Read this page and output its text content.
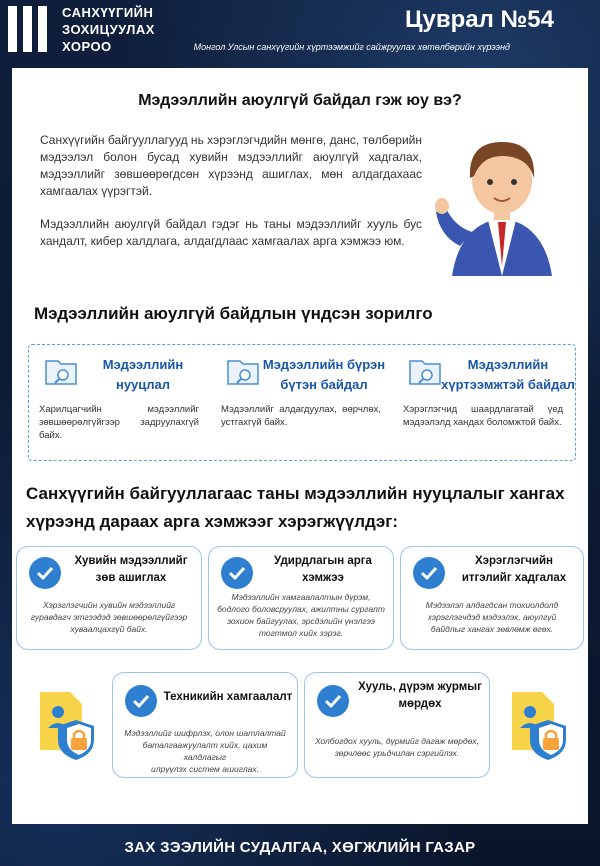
САНХҮҮГИЙН
ЗОХИЦУУЛАХ
ХОРОО
Цуврал №54
Монгол Улсын санхүүгийн хүртээмжийг сайжруулах хөтөлбөрийн хүрээнд
Мэдээллийн аюулгүй байдал гэж юу вэ?
Санхүүгийн байгууллагууд нь хэрэглэгчдийн мөнгө, данс, төлбөрийн мэдээлэл болон бусад хувийн мэдээллийг аюулгүй хадгалах, мэдээллийг зөвшөөрөгдсөн хүрээнд ашиглах, мөн алдагдахаас хамгаалах үүрэгтэй.
Мэдээллийн аюулгүй байдал гэдэг нь таны мэдээллийг хууль бус хандалт, кибер халдлага, алдагдлаас хамгаалах арга хэмжээ юм.
Мэдээллийн аюулгүй байдлын үндсэн зорилго
Мэдээллийн
нууцлал
Харилцагчийн мэдээллийг зөвшөөрөлгүйгээр задруулахгүй байх.
Мэдээллийн бүрэн
бүтэн байдал
Мэдээллийг алдагдуулах, өөрчлөх, устгахгүй байх.
Мэдээллийн
хүртээмжтэй байдал
Хэрэглэгчид шаардлагатай үед мэдээлэлд хандах боломжтой байх.
Санхүүгийн байгууллагаас таны мэдээллийн нууцлалыг хангах
хүрээнд дараах арга хэмжээг хэрэгжүүлдэг:
Хувийн мэдээллийг
зөв ашиглах
Хэрэглэгчийн хувийн мэдээллийг
гуравдагч этгээдэд зөвшөөрөлгүйгээр
хуваалцахгүй байх.
Удирдлагын арга
хэмжээ
Мэдээллийн хамгаалалтын дүрэм,
бодлого боловсруулах, ажилтны сургалт
зохион байгуулах, эрсдэлийн үнэлгээ
тогтмол хийх зэрэг.
Хэрэглэгчийн
итгэлийг хадгалах
Мэдээлэл алдагдсан тохиолдолд
хэрэглэгчдэд мэдээлэх, аюулгүй
байдлыг хангах зөвлөмж өгөх.
Техникийн хамгаалалт
Мэдээллийг шифрлэх, олон шатлалтай
баталгаажуулалт хийх, цахим халдлагыг
илрүүлэх систем ашиглах.
Хууль, дүрэм журмыг
мөрдөх
Холбогдох хууль, дүрмийг дагаж мөрдөх,
зөрчлөөс урьдчилан сэргийлэх.
ЗАХ ЗЭЭЛИЙН СУДАЛГАА, ХӨГЖЛИЙН ГАЗАР
